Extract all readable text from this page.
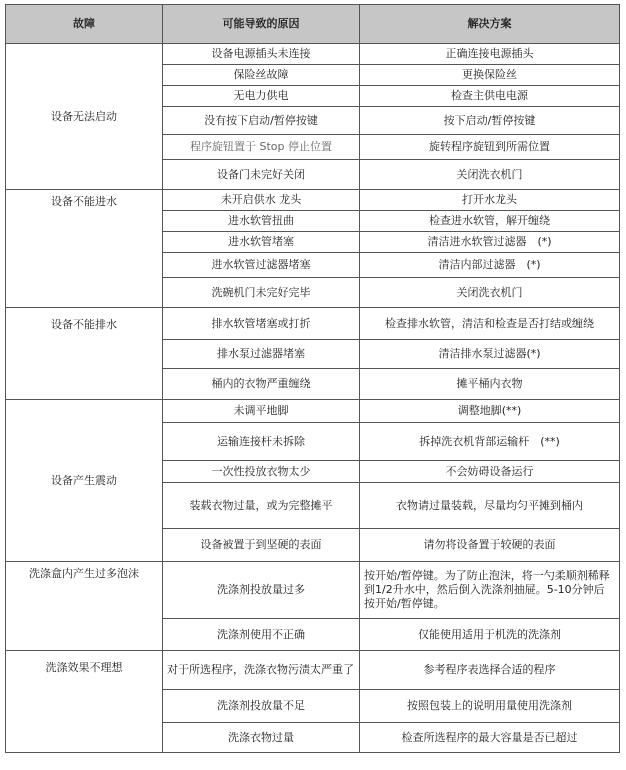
故障	可能导致的原因	解决方案
设备无法启动	设备电源插头未连接	正确连接电源插头
	保险丝故障	更换保险丝
	无电力供电	检查主供电电源
	没有按下启动/暂停按键	按下启动/暂停按键
	程序旋钮置于 Stop 停止位置	旋转程序旋钮到所需位置
	设备门未完好关闭	关闭洗衣机门
设备不能进水	未开启供水 龙头	打开水龙头
	进水软管扭曲	检查进水软管，解开缠绕
	进水软管堵塞	清洁进水软管过滤器　(*)
	进水软管过滤器堵塞	清洁内部过滤器　(*)
	洗碗机门未完好完毕	关闭洗衣机门
设备不能排水	排水软管堵塞或打折	检查排水软管，清洁和检查是否打结或缠绕
	排水泵过滤器堵塞	清洁排水泵过滤器(*)
	桶内的衣物严重缠绕	摊平桶内衣物
设备产生震动	未调平地脚	调整地脚(**)
	运输连接杆未拆除	拆掉洗衣机背部运输杆　(**)
	一次性投放衣物太少	不会妨碍设备运行
	装载衣物过量，或为完整摊平	衣物请过量装载，尽量均匀平摊到桶内
	设备被置于到坚硬的表面	请勿将设备置于较硬的表面
洗涤盒内产生过多泡沫	洗涤剂投放量过多	按开始/暂停键。为了防止泡沫，将一勺柔顺剂稀释到1/2升水中，然后倒入洗涤剂抽屉。5-10分钟后按开始/暂停键。
	洗涤剂使用不正确	仅能使用适用于机洗的洗涤剂
洗涤效果不理想	对于所选程序，洗涤衣物污渍太严重了	参考程序表选择合适的程序
	洗涤剂投放量不足	按照包装上的说明用量使用洗涤剂
	洗涤衣物过量	检查所选程序的最大容量是否已超过
